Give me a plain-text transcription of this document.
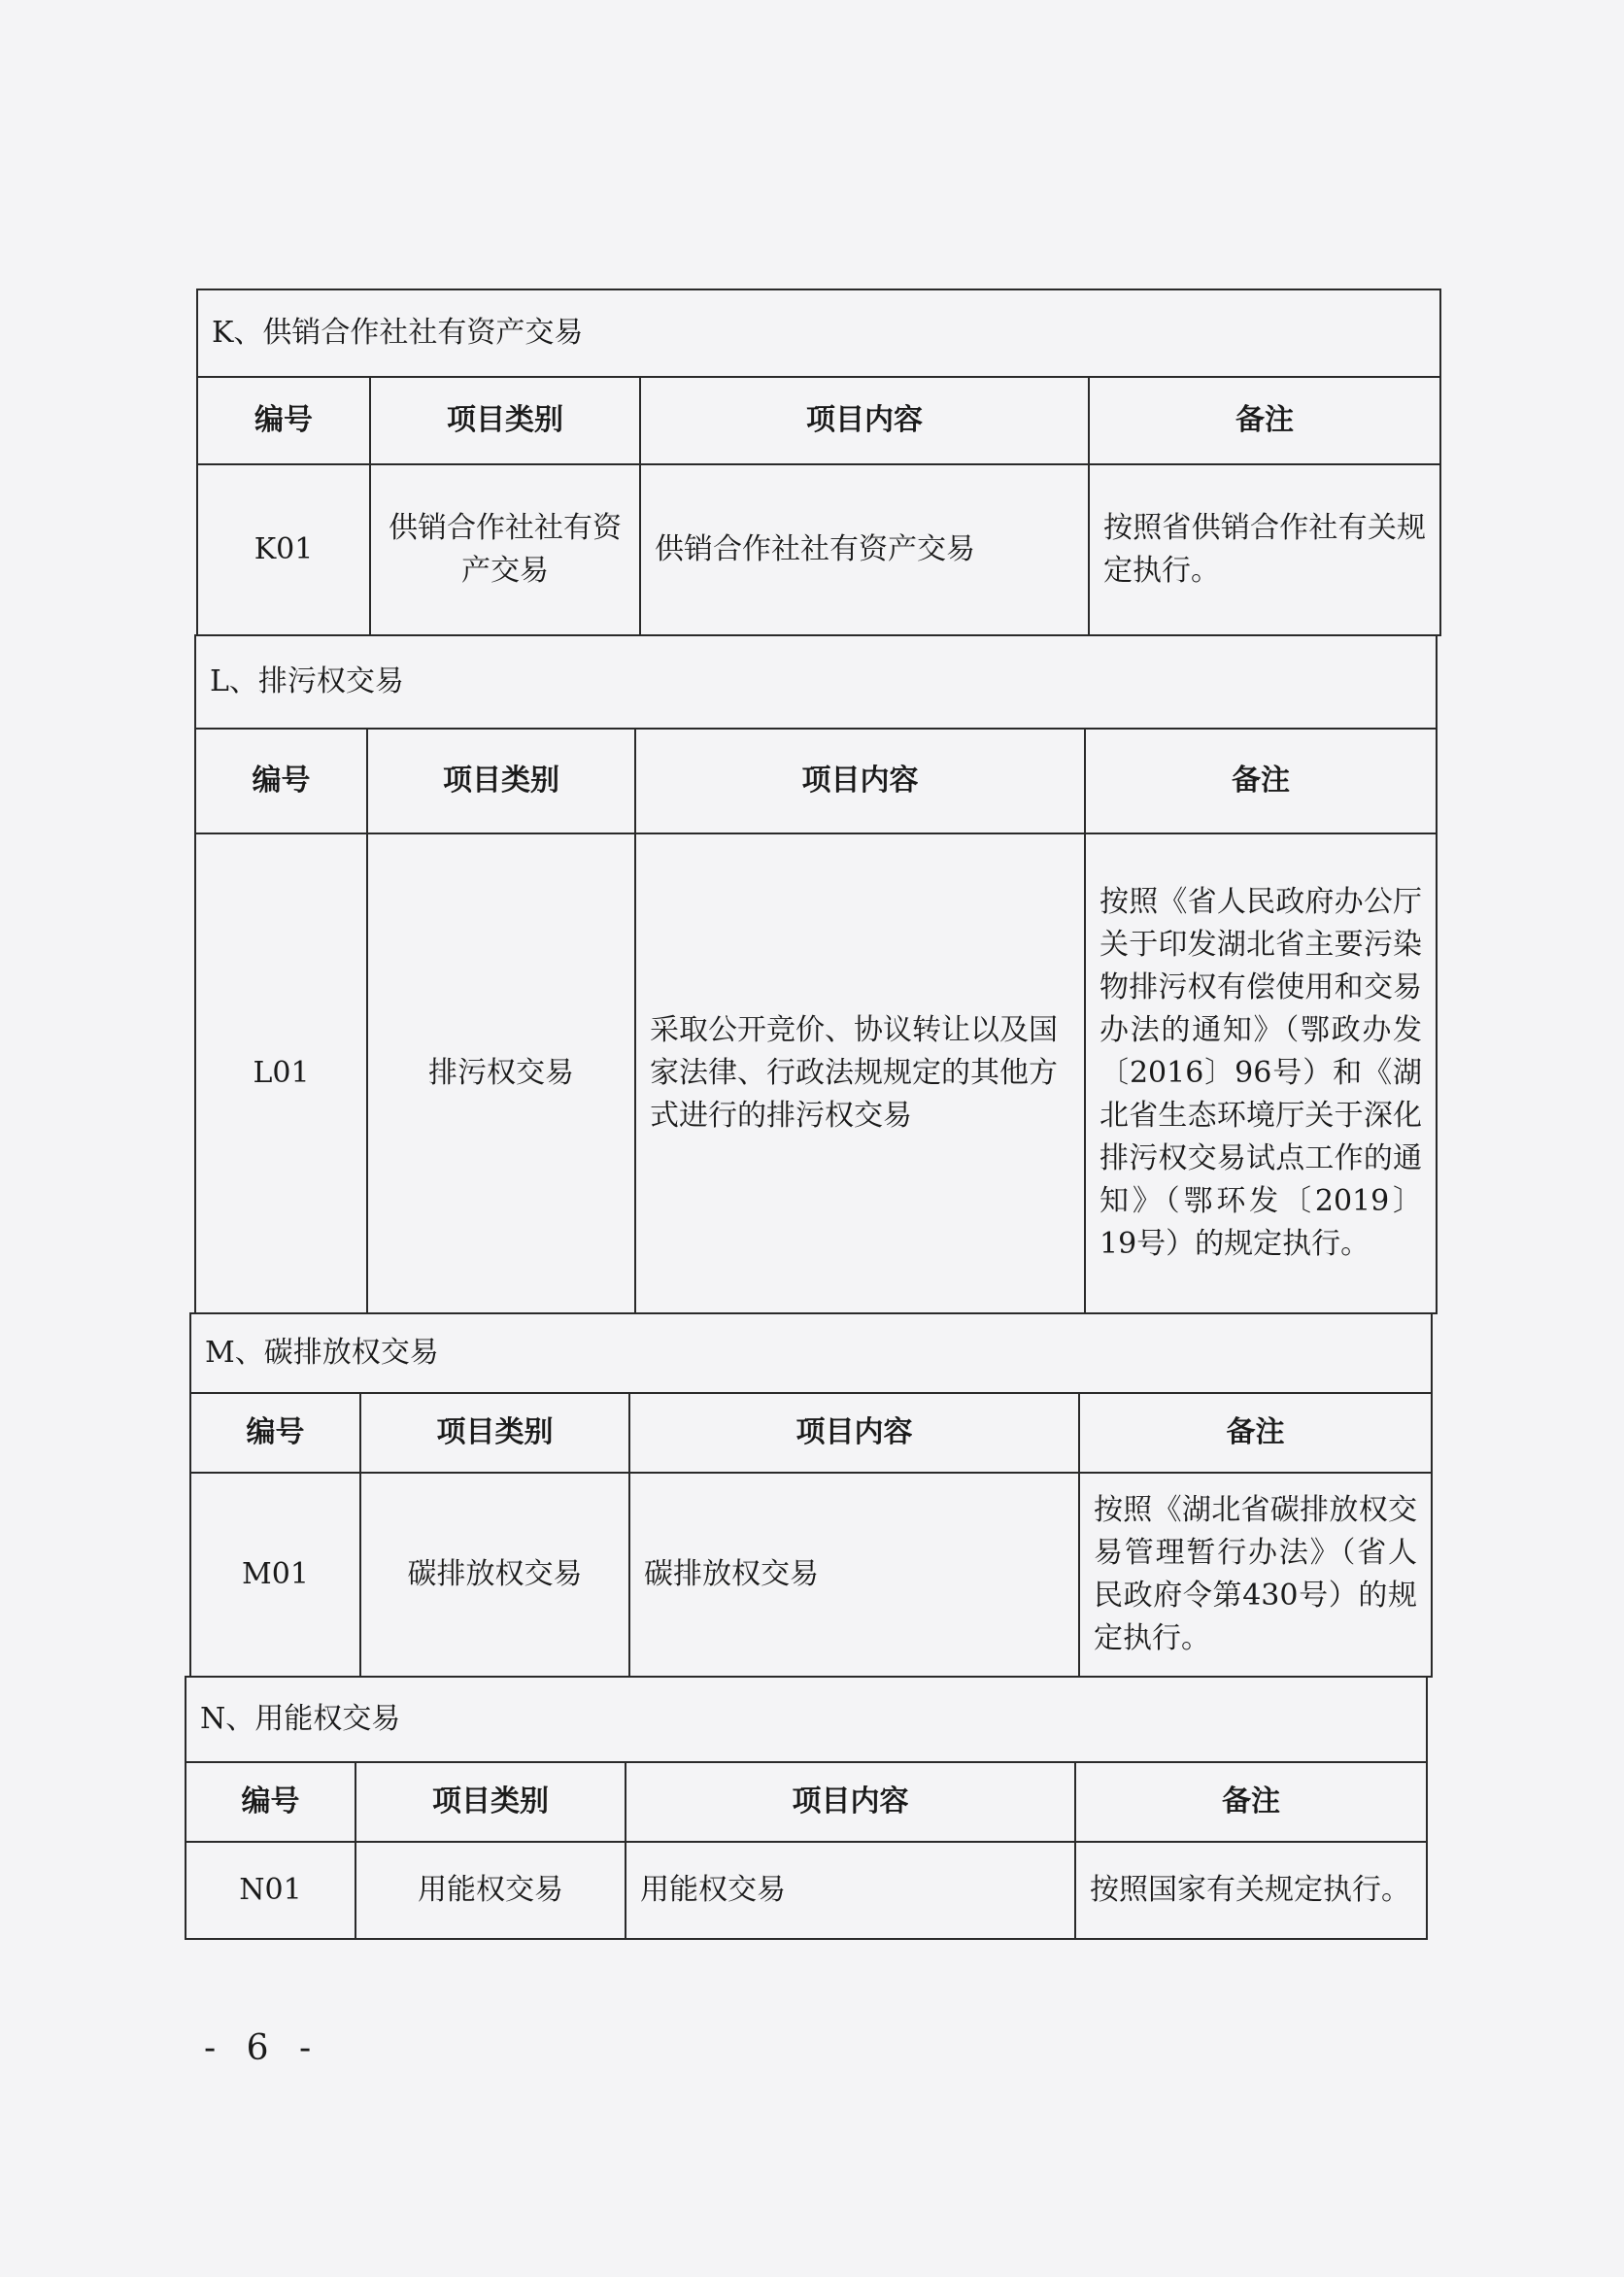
K、供销合作社社有资产交易			
编号	项目类别	项目内容	备注
K01	供销合作社社有资产交易	供销合作社社有资产交易	按照省供销合作社有关规定执行。
L、排污权交易			
编号	项目类别	项目内容	备注
L01	排污权交易	采取公开竞价、协议转让以及国家法律、行政法规规定的其他方式进行的排污权交易	按照《省人民政府办公厅关于印发湖北省主要污染物排污权有偿使用和交易办法的通知》（鄂政办发〔2016〕96号）和《湖北省生态环境厅关于深化排污权交易试点工作的通知》（鄂环发〔2019〕19号）的规定执行。
M、碳排放权交易			
编号	项目类别	项目内容	备注
M01	碳排放权交易	碳排放权交易	按照《湖北省碳排放权交易管理暂行办法》（省人民政府令第430号）的规定执行。
N、用能权交易			
编号	项目类别	项目内容	备注
N01	用能权交易	用能权交易	按照国家有关规定执行。
- 6 -
